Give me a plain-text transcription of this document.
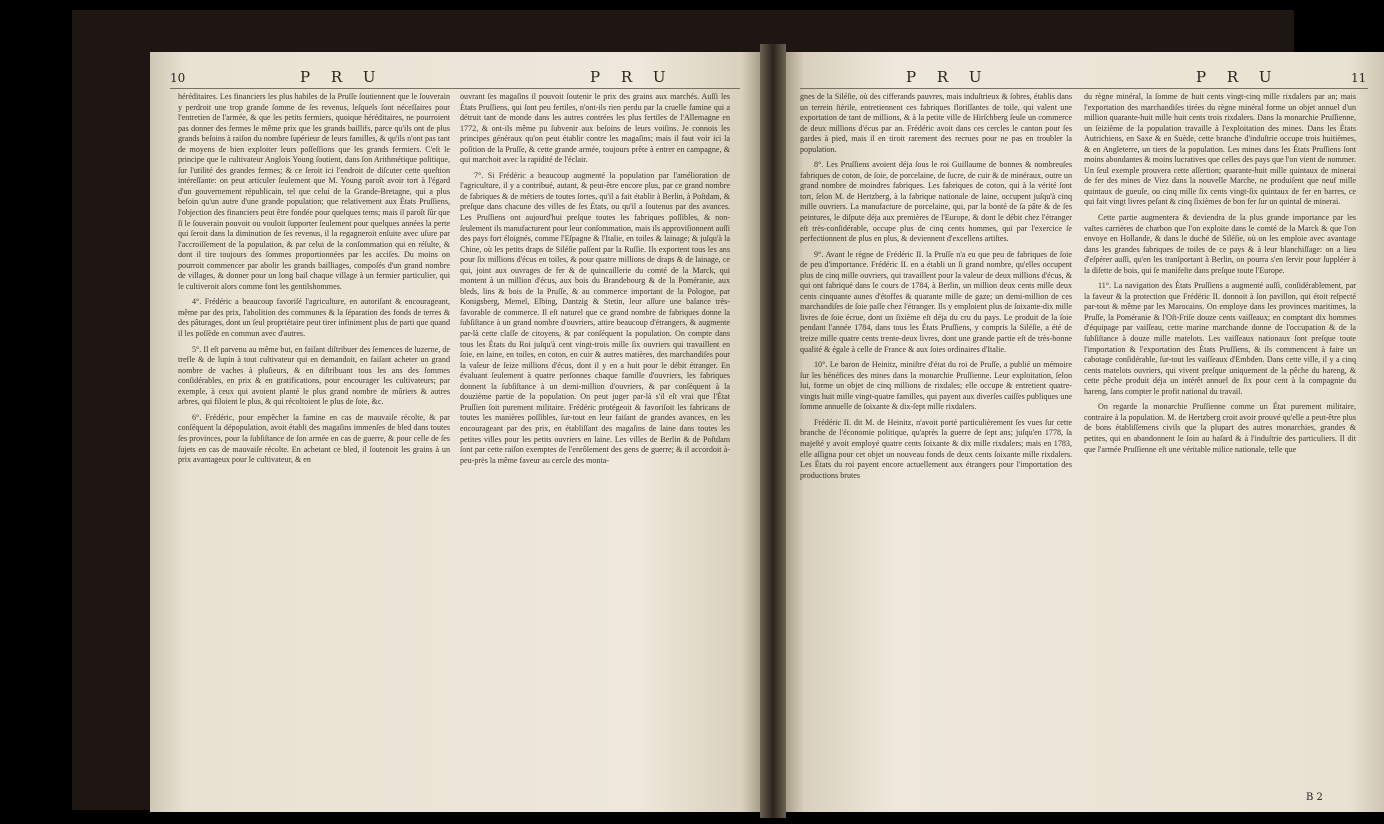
10	P R U	P R U

héréditaires. Les financiers les plus habiles de la Pruſſe ſoutiennent que le ſouverain y perdroit une trop grande ſomme de ſes revenus, leſquels ſont néceſſaires pour l'entretien de l'armée, & que les petits fermiers, quoique héréditaires, ne pourroient pas donner des fermes le même prix que les grands baillifs, parce qu'ils ont de plus grands beſoins à raiſon du nombre ſupérieur de leurs familles, & qu'ils n'ont pas tant de moyens de bien exploiter leurs poſſeſſions que les grands fermiers. C'eſt le principe que le cultivateur Anglois Young ſoutient, dans ſon Arithmétique politique, ſur l'utilité des grandes fermes; & ce ſeroit ici l'endroit de diſcuter cette queſtion intéreſſante: on peut articuler ſeulement que M. Young paroît avoir tort à l'égard d'un gouvernement républicain, tel que celui de la Grande-Bretagne, qui a plus beſoin qu'un autre d'une grande population; que relativement aux États Pruſſiens, l'objection des financiers peut être fondée pour quelques tems; mais il paroît ſûr que ſi le ſouverain pouvoit ou vouloit ſupporter ſeulement pour quelques années la perte qui ſeroit dans la diminution de ſes revenus, il la regagneroit enſuite avec uſure par l'accroiſſement de la population, & par celui de la conſommation qui en réſulte, & dont il tire toujours des ſommes proportionnées par les acciſes. Du moins on pourroit commencer par abolir les grands bailliages, compoſés d'un grand nombre de villages, & donner pour un long bail chaque village à un fermier particulier, qui le cultiveroit alors comme font les gentilshommes.

4°. Frédéric a beaucoup favoriſé l'agriculture, en autoriſant & encourageant, même par des prix, l'abolition des communes & la ſéparation des fonds de terres & des pâturages, dont un ſeul propriétaire peut tirer infiniment plus de parti que quand il les poſſède en commun avec d'autres.

5°. Il eſt parvenu au même but, en faiſant diſtribuer des ſemences de luzerne, de trefle & de lupin à tout cultivateur qui en demandoit, en faiſant acheter un grand nombre de vaches à pluſieurs, & en diſtribuant tous les ans des ſommes conſidérables, en prix & en gratifications, pour encourager les cultivateurs; par exemple, à ceux qui avoient planté le plus grand nombre de mûriers & autres arbres, qui filoient le plus, & qui récoltoient le plus de ſoie, &c.

6°. Frédéric, pour empêcher la famine en cas de mauvaiſe récolte, & par conſéquent la dépopulation, avoit établi des magaſins immenſes de bled dans toutes ſes provinces, pour la ſubſiſtance de ſon armée en cas de guerre, & pour celle de ſes ſujets en cas de mauvaiſe récolte. En achetant ce bled, il ſoutenoit les grains à un prix avantageux pour le cultivateur, & en

ouvrant ſes magaſins il pouvoit ſoutenir le prix des grains aux marchés. Auſſi les États Pruſſiens, qui ſont peu fertiles, n'ont-ils rien perdu par la cruelle famine qui a détruit tant de monde dans les autres contrées les plus fertiles de l'Allemagne en 1772, & ont-ils même pu ſubvenir aux beſoins de leurs voiſins. Je connois les principes généraux qu'on peut établir contre les magaſins; mais il faut voir ici la poſition de la Pruſſe, & cette grande armée, toujours prête à entrer en campagne, & qui marchoit avec la rapidité de l'éclair.

7°. Si Frédéric a beaucoup augmenté la population par l'amélioration de l'agriculture, il y a contribué, autant, & peut-être encore plus, par ce grand nombre de fabriques & de métiers de toutes ſortes, qu'il a fait établir à Berlin, à Poſtdam, & preſque dans chacune des villes de ſes États, ou qu'il a ſoutenus par des avances. Les Pruſſiens ont aujourd'hui preſque toutes les fabriques poſſibles, & non-ſeulement ils manufacturent pour leur conſommation, mais ils approviſionnent auſſi des pays fort éloignés, comme l'Eſpagne & l'Italie, en toiles & lainage; & juſqu'à la Chine, où les petits draps de Siléſie paſſent par la Ruſſie. Ils exportent tous les ans pour ſix millions d'écus en toiles, & pour quatre millions de draps & de lainage, ce qui, joint aux ouvrages de fer & de quincaillerie du comté de la Marck, qui montent à un million d'écus, aux bois du Brandebourg & de la Poméranie, aux bleds, lins & bois de la Pruſſe, & au commerce important de la Pologne, par Konigsberg, Memel, Elbing, Dantzig & Stetin, leur aſſure une balance très-favorable de commerce. Il eſt naturel que ce grand nombre de fabriques donne la ſubſiſtance à un grand nombre d'ouvriers, attire beaucoup d'étrangers, & augmente par-là cette claſſe de citoyens, & par conſéquent la population. On compte dans tous les États du Roi juſqu'à cent vingt-trois mille ſix ouvriers qui travaillent en ſoie, en laine, en toiles, en coton, en cuir & autres matières, des marchandiſes pour la valeur de ſeize millions d'écus, dont il y en a huit pour le débit étranger. En évaluant ſeulement à quatre perſonnes chaque famille d'ouvriers, les fabriques donnent la ſubſiſtance à un demi-million d'ouvriers, & par conſéquent à la douzième partie de la population. On peut juger par-là s'il eſt vrai que l'État Pruſſien ſoit purement militaire. Frédéric protégeoit & favoriſoit les fabricans de toutes les manières poſſibles, ſur-tout en leur faiſant de grandes avances, en les encourageant par des prix, en établiſſant des magaſins de laine dans toutes les petites villes pour les petits ouvriers en laine. Les villes de Berlin & de Poſtdam ſont par cette raiſon exemptes de l'enrôlement des gens de guerre; & il accordoit à-peu-près la même faveur au cercle des monta-

P R U	P R U	11

gnes de la Siléſie, où des cifferands pauvres, mais induſtrieux & ſobres, établis dans un terrein ſtérile, entretiennent ces fabriques floriſſantes de toile, qui valent une exportation de tant de millions, & à la petite ville de Hirſchberg ſeule un commerce de deux millions d'écus par an. Frédéric avoit dans ces cercles le canton pour ſes gardes à pied, mais il en tiroit rarement des recrues pour ne pas en troubler la population.

8°. Les Pruſſiens avoient déja ſous le roi Guillaume de bonnes & nombreuſes fabriques de coton, de ſoie, de porcelaine, de ſucre, de cuir & de minéraux, outre un grand nombre de moindres fabriques. Les fabriques de coton, qui à la vérité ſont tort, ſelon M. de Hertzberg, à la fabrique nationale de laine, occupent juſqu'à cinq mille ouvriers. La manufacture de porcelaine, qui, par la bonté de ſa pâte & de ſes peintures, le diſpute déja aux premières de l'Europe, & dont le débit chez l'étranger eſt très-conſidérable, occupe plus de cinq cents hommes, qui par l'exercice ſe perfectionnent de plus en plus, & deviennent d'excellens artiſtes.

9°. Avant le règne de Frédéric II. la Pruſſe n'a eu que peu de fabriques de ſoie de peu d'importance. Frédéric II. en a établi un ſi grand nombre, qu'elles occupent plus de cinq mille ouvriers, qui travaillent pour la valeur de deux millions d'écus, & qui ont fabriqué dans le cours de 1784, à Berlin, un million deux cents mille deux cents cinquante aunes d'étoffes & quarante mille de gaze; un demi-million de ces marchandiſes de ſoie paſſe chez l'étranger. Ils y emploient plus de ſoixante-dix mille livres de ſoie écrue, dont un ſixième eſt déja du cru du pays. Le produit de la ſoie pendant l'année 1784, dans tous les États Pruſſiens, y compris la Siléſie, a été de treize mille quatre cents trente-deux livres, dont une grande partie eſt de très-bonne qualité & égale à celle de France & aux ſoies ordinaires d'Italie.

10°. Le baron de Heinitz, miniſtre d'état du roi de Pruſſe, a publié un mémoire ſur les bénéfices des mines dans la monarchie Pruſſienne. Leur exploitation, ſelon lui, forme un objet de cinq millions de rixdales; elle occupe & entretient quatre-vingts huit mille vingt-quatre familles, qui payent aux diverſes caiſſes publiques une ſomme annuelle de ſoixante & dix-ſept mille rixdalers.

Frédéric II. dit M. de Heinitz, n'avoit porté particulièrement ſes vues ſur cette branche de l'économie politique, qu'après la guerre de ſept ans; juſqu'en 1778, ſa majeſté y avoit employé quatre cents ſoixante & dix mille rixdalers; mais en 1783, elle aſſigna pour cet objet un nouveau fonds de deux cents ſoixante mille rixdalers. Les États du roi payent encore actuellement aux étrangers pour l'importation des productions brutes

du règne minéral, la ſomme de huit cents vingt-cinq mille rixdalers par an; mais l'exportation des marchandiſes tirées du règne minéral forme un objet annuel d'un million quarante-huit mille huit cents trois rixdalers. Dans la monarchie Pruſſienne, un ſeizième de la population travaille à l'exploitation des mines. Dans les États Autrichiens, en Saxe & en Suède, cette branche d'induſtrie occupe trois huitièmes, & en Angleterre, un tiers de la population. Les mines dans les États Pruſſiens ſont moins abondantes & moins lucratives que celles des pays que l'on vient de nommer. Un ſeul exemple prouvera cette aſſertion; quarante-huit mille quintaux de minerai de fer des mines de Viez dans la nouvelle Marche, ne produiſent que neuf mille quintaux de gueuſe, ou cinq mille ſix cents vingt-ſix quintaux de fer en barres, ce qui fait vingt livres peſant & cinq ſixièmes de bon fer ſur un quintal de minerai.

Cette partie augmentera & deviendra de la plus grande importance par les vaſtes carrières de charbon que l'on exploite dans le comté de la Marck & que l'on envoye en Hollande, & dans le duché de Siléſie, où on les emploie avec avantage dans les grandes fabriques de toiles de ce pays & à leur blanchiſſage: on a lieu d'eſpérer auſſi, qu'en les tranſportant à Berlin, on pourra s'en ſervir pour ſuppléer à la diſette de bois, qui ſe manifeſte dans preſque toute l'Europe.

11°. La navigation des États Pruſſiens a augmenté auſſi, conſidérablement, par la faveur & la protection que Frédéric II. donnoit à ſon pavillon, qui étoit reſpecté par-tout & même par les Marocains. On employe dans les provinces maritimes, la Pruſſe, la Poméranie & l'Oſt-Friſe douze cents vaiſſeaux; en comptant dix hommes d'équipage par vaiſſeau, cette marine marchande donne de l'occupation & de la ſubſiſtance à douze mille matelots. Les vaiſſeaux nationaux ſont preſque toute l'importation & l'exportation des États Pruſſiens, & ils commencent à faire un cabotage conſidérable, ſur-tout les vaiſſeaux d'Embden. Dans cette ville, il y a cinq cents matelots ouvriers, qui vivent preſque uniquement de la pêche du hareng, & cette pêche produit déja un intérêt annuel de ſix pour cent à la compagnie du hareng, ſans compter le profit national du travail.

On regarde la monarchie Pruſſienne comme un État purement militaire, contraire à la population. M. de Hertzberg croit avoir prouvé qu'elle a peut-être plus de bons établiſſemens civils que la plupart des autres monarchies, grandes & petites, qui en abandonnent le ſoin au haſard & à l'induſtrie des particuliers. Il dit que l'armée Pruſſienne eſt une véritable milice nationale, telle que

B 2
